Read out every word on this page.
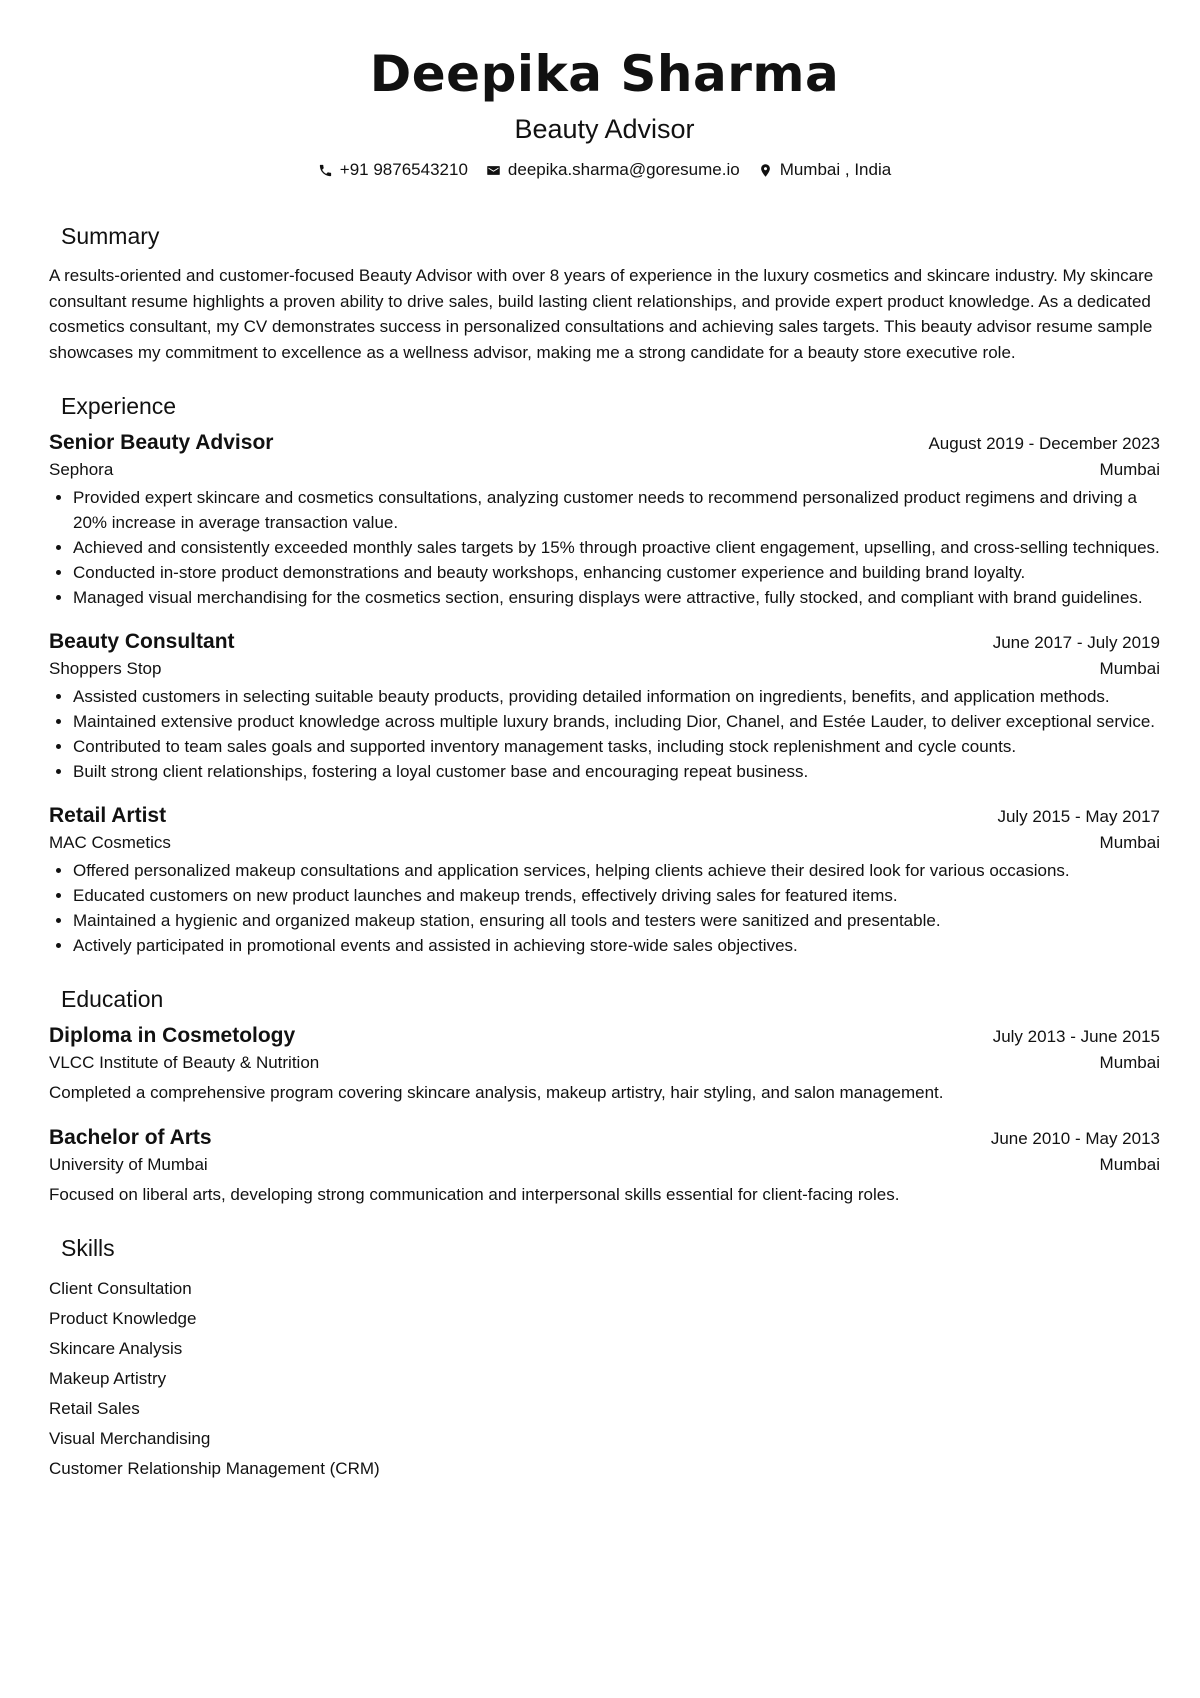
Deepika Sharma
Beauty Advisor
+91 9876543210 deepika.sharma@goresume.io Mumbai , India
Summary
A results-oriented and customer-focused Beauty Advisor with over 8 years of experience in the luxury cosmetics and skincare industry. My skincare consultant resume highlights a proven ability to drive sales, build lasting client relationships, and provide expert product knowledge. As a dedicated cosmetics consultant, my CV demonstrates success in personalized consultations and achieving sales targets. This beauty advisor resume sample showcases my commitment to excellence as a wellness advisor, making me a strong candidate for a beauty store executive role.
Experience
Senior Beauty Advisor	August 2019 - December 2023
Sephora	Mumbai
• Provided expert skincare and cosmetics consultations, analyzing customer needs to recommend personalized product regimens and driving a 20% increase in average transaction value.
• Achieved and consistently exceeded monthly sales targets by 15% through proactive client engagement, upselling, and cross-selling techniques.
• Conducted in-store product demonstrations and beauty workshops, enhancing customer experience and building brand loyalty.
• Managed visual merchandising for the cosmetics section, ensuring displays were attractive, fully stocked, and compliant with brand guidelines.
Beauty Consultant	June 2017 - July 2019
Shoppers Stop	Mumbai
• Assisted customers in selecting suitable beauty products, providing detailed information on ingredients, benefits, and application methods.
• Maintained extensive product knowledge across multiple luxury brands, including Dior, Chanel, and Estée Lauder, to deliver exceptional service.
• Contributed to team sales goals and supported inventory management tasks, including stock replenishment and cycle counts.
• Built strong client relationships, fostering a loyal customer base and encouraging repeat business.
Retail Artist	July 2015 - May 2017
MAC Cosmetics	Mumbai
• Offered personalized makeup consultations and application services, helping clients achieve their desired look for various occasions.
• Educated customers on new product launches and makeup trends, effectively driving sales for featured items.
• Maintained a hygienic and organized makeup station, ensuring all tools and testers were sanitized and presentable.
• Actively participated in promotional events and assisted in achieving store-wide sales objectives.
Education
Diploma in Cosmetology	July 2013 - June 2015
VLCC Institute of Beauty & Nutrition	Mumbai
Completed a comprehensive program covering skincare analysis, makeup artistry, hair styling, and salon management.
Bachelor of Arts	June 2010 - May 2013
University of Mumbai	Mumbai
Focused on liberal arts, developing strong communication and interpersonal skills essential for client-facing roles.
Skills
Client Consultation
Product Knowledge
Skincare Analysis
Makeup Artistry
Retail Sales
Visual Merchandising
Customer Relationship Management (CRM)
